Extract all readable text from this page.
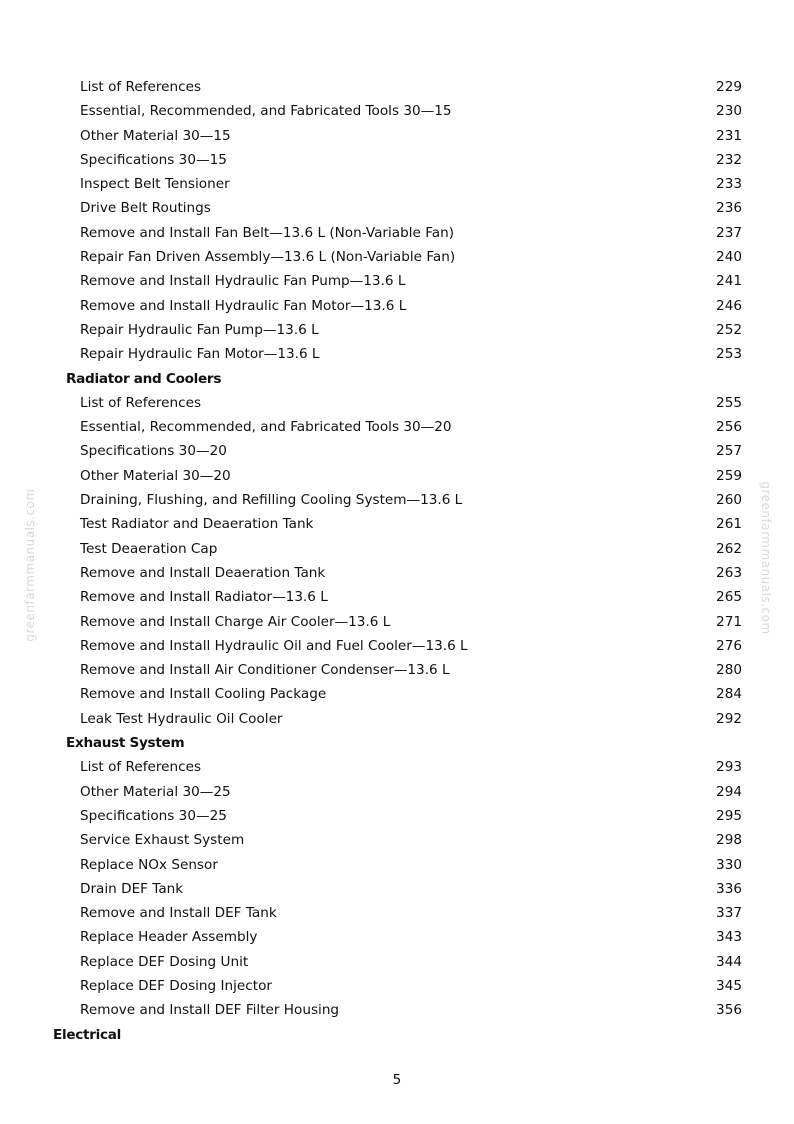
greenfarmmanuals.com	greenfarmmanuals.com
List of References	229
Essential, Recommended, and Fabricated Tools 30—15	230
Other Material 30—15	231
Specifications 30—15	232
Inspect Belt Tensioner	233
Drive Belt Routings	236
Remove and Install Fan Belt—13.6 L (Non-Variable Fan)	237
Repair Fan Driven Assembly—13.6 L (Non-Variable Fan)	240
Remove and Install Hydraulic Fan Pump—13.6 L	241
Remove and Install Hydraulic Fan Motor—13.6 L	246
Repair Hydraulic Fan Pump—13.6 L	252
Repair Hydraulic Fan Motor—13.6 L	253
Radiator and Coolers
List of References	255
Essential, Recommended, and Fabricated Tools 30—20	256
Specifications 30—20	257
Other Material 30—20	259
Draining, Flushing, and Refilling Cooling System—13.6 L	260
Test Radiator and Deaeration Tank	261
Test Deaeration Cap	262
Remove and Install Deaeration Tank	263
Remove and Install Radiator—13.6 L	265
Remove and Install Charge Air Cooler—13.6 L	271
Remove and Install Hydraulic Oil and Fuel Cooler—13.6 L	276
Remove and Install Air Conditioner Condenser—13.6 L	280
Remove and Install Cooling Package	284
Leak Test Hydraulic Oil Cooler	292
Exhaust System
List of References	293
Other Material 30—25	294
Specifications 30—25	295
Service Exhaust System	298
Replace NOx Sensor	330
Drain DEF Tank	336
Remove and Install DEF Tank	337
Replace Header Assembly	343
Replace DEF Dosing Unit	344
Replace DEF Dosing Injector	345
Remove and Install DEF Filter Housing	356
Electrical
5
